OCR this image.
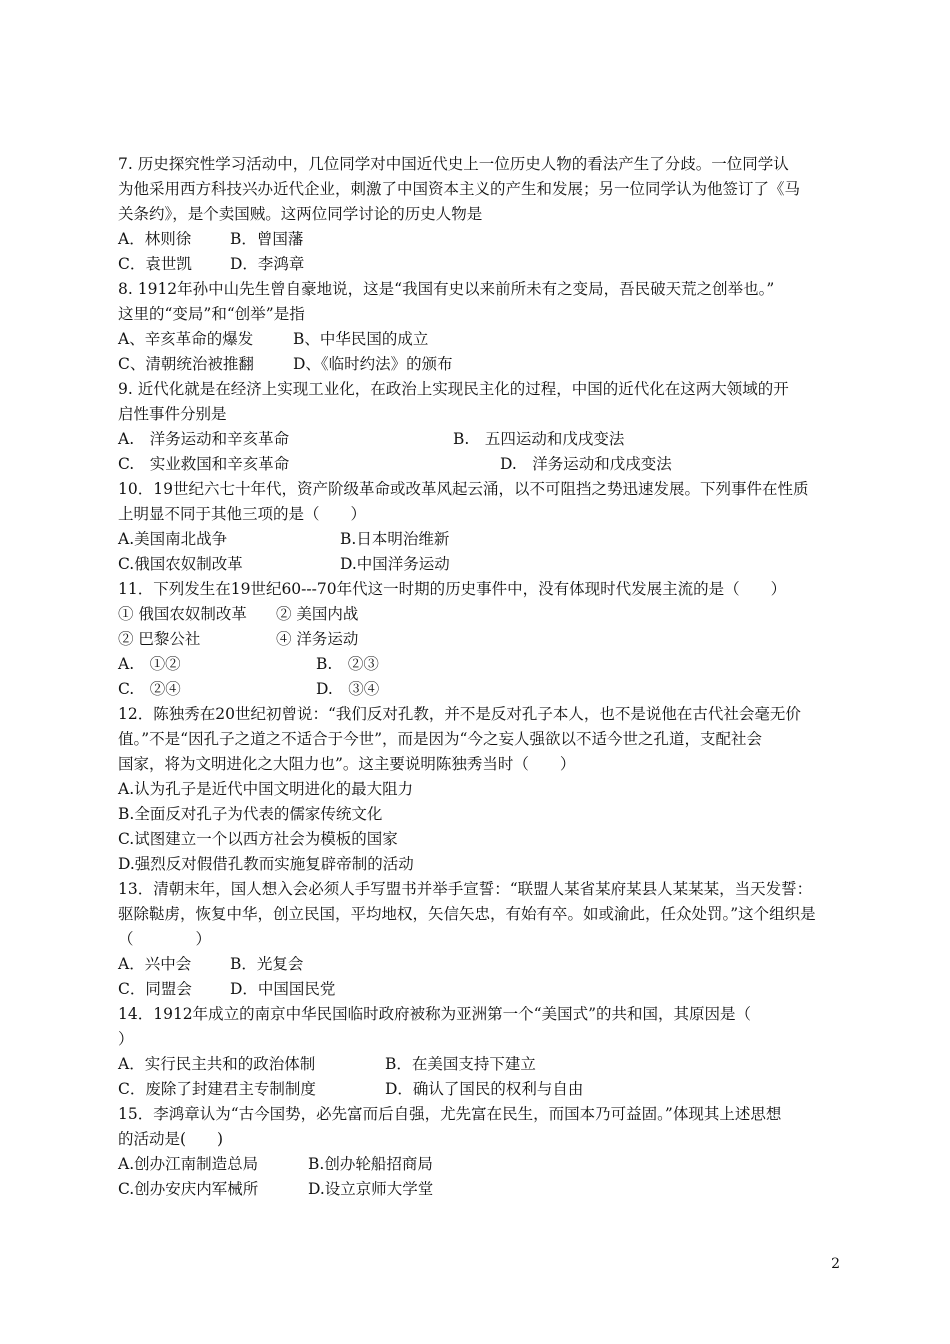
7. 历史探究性学习活动中，几位同学对中国近代史上一位历史人物的看法产生了分歧。一位同学认
为他采用西方科技兴办近代企业，刺激了中国资本主义的产生和发展；另一位同学认为他签订了《马
关条约》，是个卖国贼。这两位同学讨论的历史人物是
A．林则徐	B．曾国藩
C．袁世凯 D．李鸿章
8. 1912年孙中山先生曾自豪地说，这是“我国有史以来前所未有之变局，吾民破天荒之创举也。”
这里的“变局”和“创举”是指
A、辛亥革命的爆发	B、中华民国的成立
C、清朝统治被推翻	D、《临时约法》的颁布
9. 近代化就是在经济上实现工业化，在政治上实现民主化的过程，中国的近代化在这两大领域的开
启性事件分别是
A.　洋务运动和辛亥革命	B.　五四运动和戊戌变法
C.　实业救国和辛亥革命	D.　洋务运动和戊戌变法
10．19世纪六七十年代，资产阶级革命或改革风起云涌，以不可阻挡之势迅速发展。下列事件在性质
上明显不同于其他三项的是（　　）
A.美国南北战争	B.日本明治维新
C.俄国农奴制改革	D.中国洋务运动
11．下列发生在19世纪60---70年代这一时期的历史事件中，没有体现时代发展主流的是（　　）
① 俄国农奴制改革 ② 美国内战
② 巴黎公社	④ 洋务运动
A.　①②	B.　②③
C.　②④	D.　③④
12．陈独秀在20世纪初曾说：“我们反对孔教，并不是反对孔子本人，也不是说他在古代社会毫无价
值。”不是“因孔子之道之不适合于今世”，而是因为“今之妄人强欲以不适今世之孔道，支配社会
国家，将为文明进化之大阻力也”。这主要说明陈独秀当时（　　）
A.认为孔子是近代中国文明进化的最大阻力
B.全面反对孔子为代表的儒家传统文化
C.试图建立一个以西方社会为模板的国家
D.强烈反对假借孔教而实施复辟帝制的活动
13．清朝末年，国人想入会必须人手写盟书并举手宣誓：“联盟人某省某府某县人某某某，当天发誓：
驱除鞑虏，恢复中华，创立民国，平均地权，矢信矢忠，有始有卒。如或渝此，任众处罚。”这个组织是
（　　　　）
A．兴中会	B．光复会
C．同盟会 D．中国国民党
14．1912年成立的南京中华民国临时政府被称为亚洲第一个“美国式”的共和国，其原因是（
）
A．实行民主共和的政治体制	B．在美国支持下建立
C．废除了封建君主专制制度	D．确认了国民的权利与自由
15．李鸿章认为“古今国势，必先富而后自强，尤先富在民生，而国本乃可益固。”体现其上述思想
的活动是(　　)
A.创办江南制造总局	B.创办轮船招商局
C.创办安庆内军械所	D.设立京师大学堂
2
